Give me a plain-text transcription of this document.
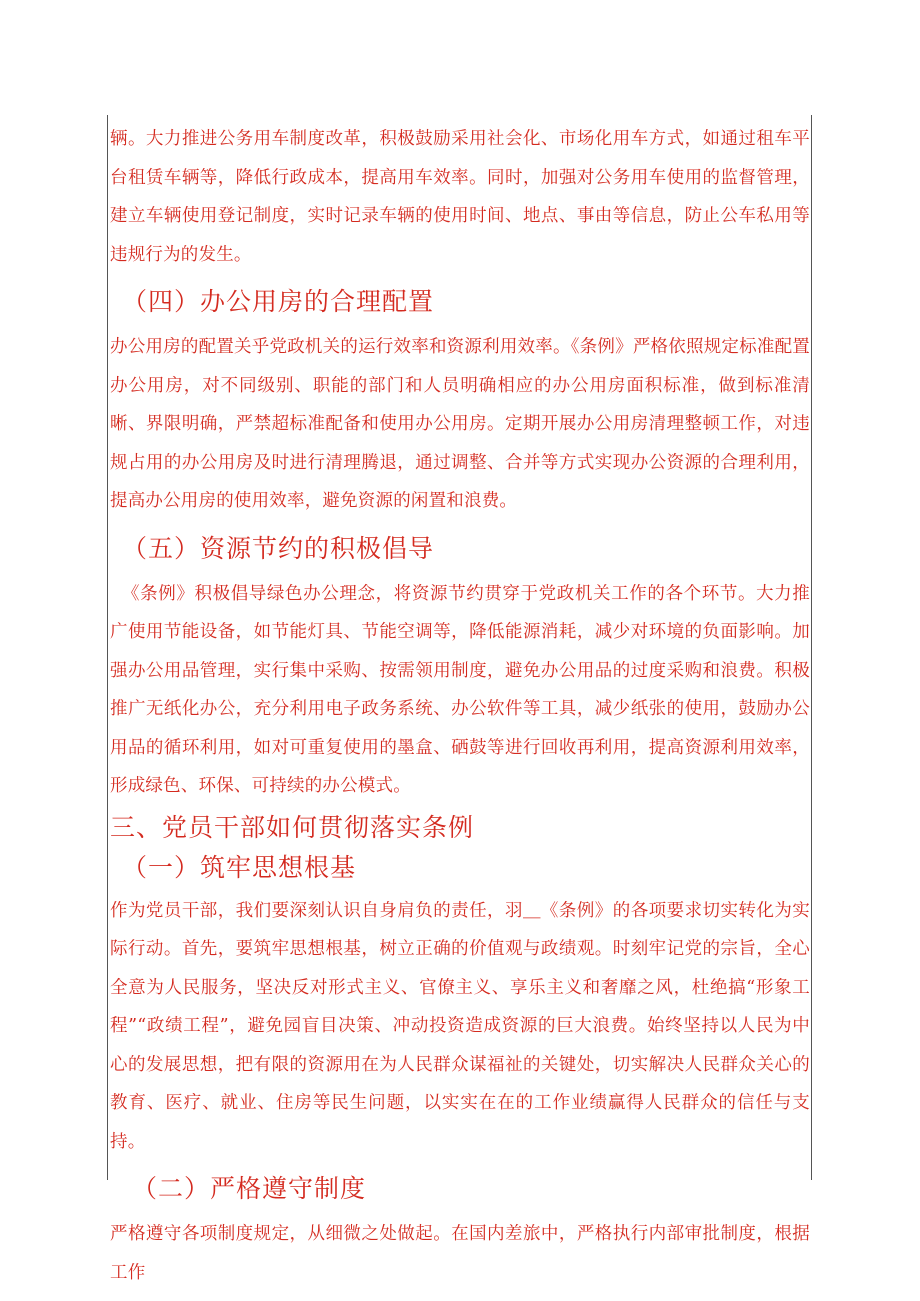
辆。大力推进公务用车制度改革，积极鼓励采用社会化、市场化用车方式，如通过租车平台租赁车辆等，降低行政成本，提高用车效率。同时，加强对公务用车使用的监督管理，建立车辆使用登记制度，实时记录车辆的使用时间、地点、事由等信息，防止公车私用等违规行为的发生。

（四）办公用房的合理配置

办公用房的配置关乎党政机关的运行效率和资源利用效率。《条例》严格依照规定标准配置办公用房，对不同级别、职能的部门和人员明确相应的办公用房面积标准，做到标准清晰、界限明确，严禁超标准配备和使用办公用房。定期开展办公用房清理整顿工作，对违规占用的办公用房及时进行清理腾退，通过调整、合并等方式实现办公资源的合理利用，提高办公用房的使用效率，避免资源的闲置和浪费。

（五）资源节约的积极倡导

《条例》积极倡导绿色办公理念，将资源节约贯穿于党政机关工作的各个环节。大力推广使用节能设备，如节能灯具、节能空调等，降低能源消耗，减少对环境的负面影响。加强办公用品管理，实行集中采购、按需领用制度，避免办公用品的过度采购和浪费。积极推广无纸化办公，充分利用电子政务系统、办公软件等工具，减少纸张的使用，鼓励办公用品的循环利用，如对可重复使用的墨盒、硒鼓等进行回收再利用，提高资源利用效率，形成绿色、环保、可持续的办公模式。

三、党员干部如何贯彻落实条例
（一）筑牢思想根基

作为党员干部，我们要深刻认识自身肩负的责任，羽＿《条例》的各项要求切实转化为实际行动。首先，要筑牢思想根基，树立正确的价值观与政绩观。时刻牢记党的宗旨，全心全意为人民服务，坚决反对形式主义、官僚主义、享乐主义和奢靡之风，杜绝搞“形象工程”“政绩工程”，避免园盲目决策、冲动投资造成资源的巨大浪费。始终坚持以人民为中心的发展思想，把有限的资源用在为人民群众谋福祉的关键处，切实解决人民群众关心的教育、医疗、就业、住房等民生问题，以实实在在的工作业绩赢得人民群众的信任与支持。

（二）严格遵守制度

严格遵守各项制度规定，从细微之处做起。在国内差旅中，严格执行内部审批制度，根据工作
